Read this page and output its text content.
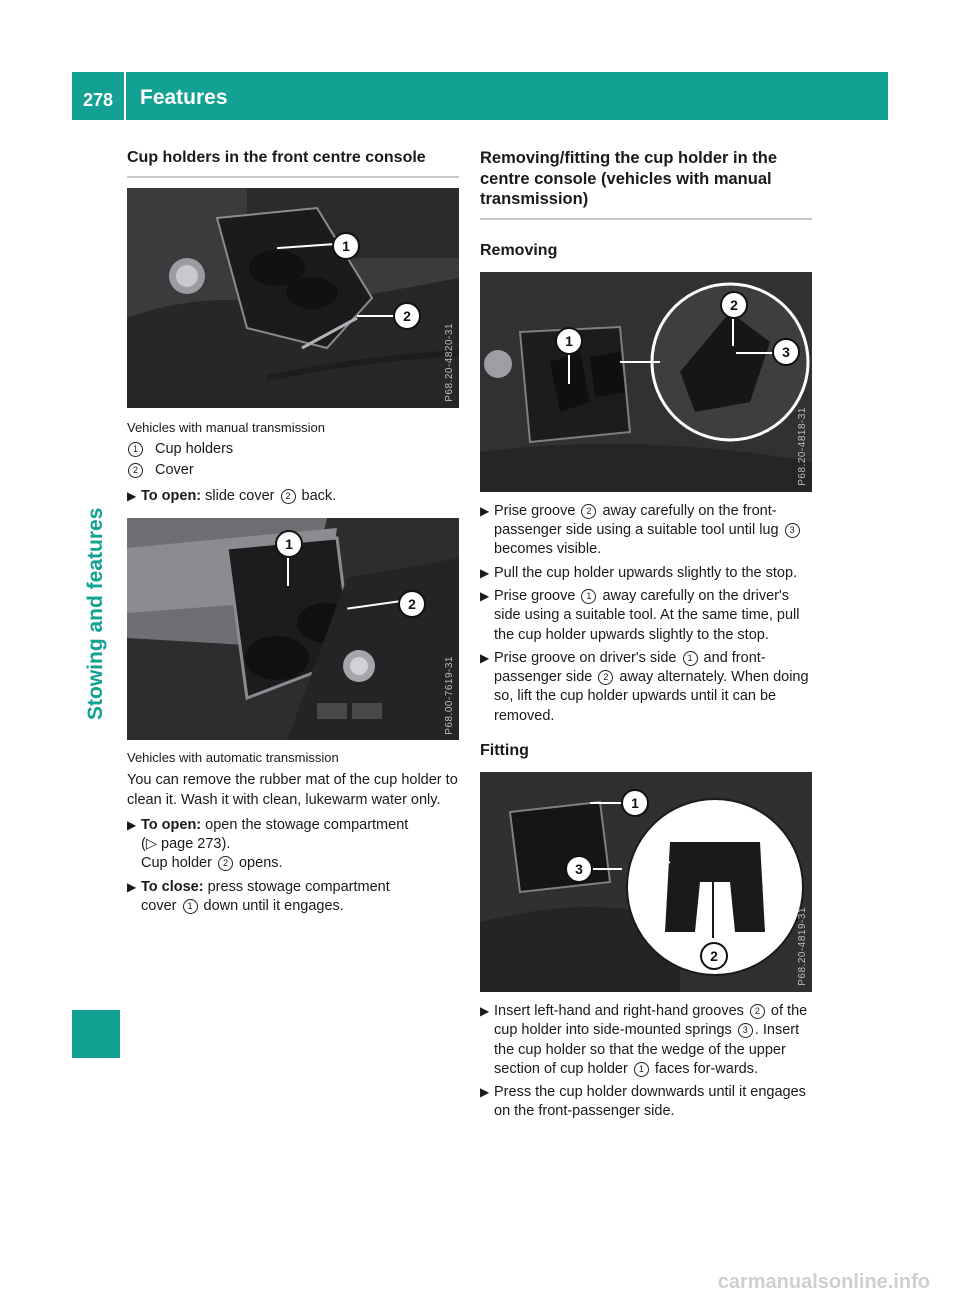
278	Features
Stowing and features
Cup holders in the front centre console
1
2
P68.20-4820-31
Vehicles with manual transmission
1	Cup holders
2	Cover
▶ To open: slide cover 2 back.
1
2
P68.00-7619-31
Vehicles with automatic transmission

You can remove the rubber mat of the cup holder to clean it. Wash it with clean, lukewarm water only.

▶ To open: open the stowage compartment
(▷ page 273).
Cup holder 2 opens.
▶ To close: press stowage compartment
cover 1 down until it engages.
Removing/fitting the cup holder in the centre console (vehicles with manual transmission)
Removing
1
2
3
P68.20-4818-31
▶ Prise groove 2 away carefully on the front-passenger side using a suitable tool until lug 3 becomes visible.
▶ Pull the cup holder upwards slightly to the stop.
▶ Prise groove 1 away carefully on the driver's side using a suitable tool. At the same time, pull the cup holder upwards slightly to the stop.
▶ Prise groove on driver's side 1 and front-passenger side 2 away alternately. When doing so, lift the cup holder upwards until it can be removed.
Fitting
1
2
3
P68.20-4819-31
▶ Insert left-hand and right-hand grooves 2 of the cup holder into side-mounted springs 3 . Insert the cup holder so that the wedge of the upper section of cup holder 1 faces for-wards.
▶ Press the cup holder downwards until it engages on the front-passenger side.
carmanualsonline.info
